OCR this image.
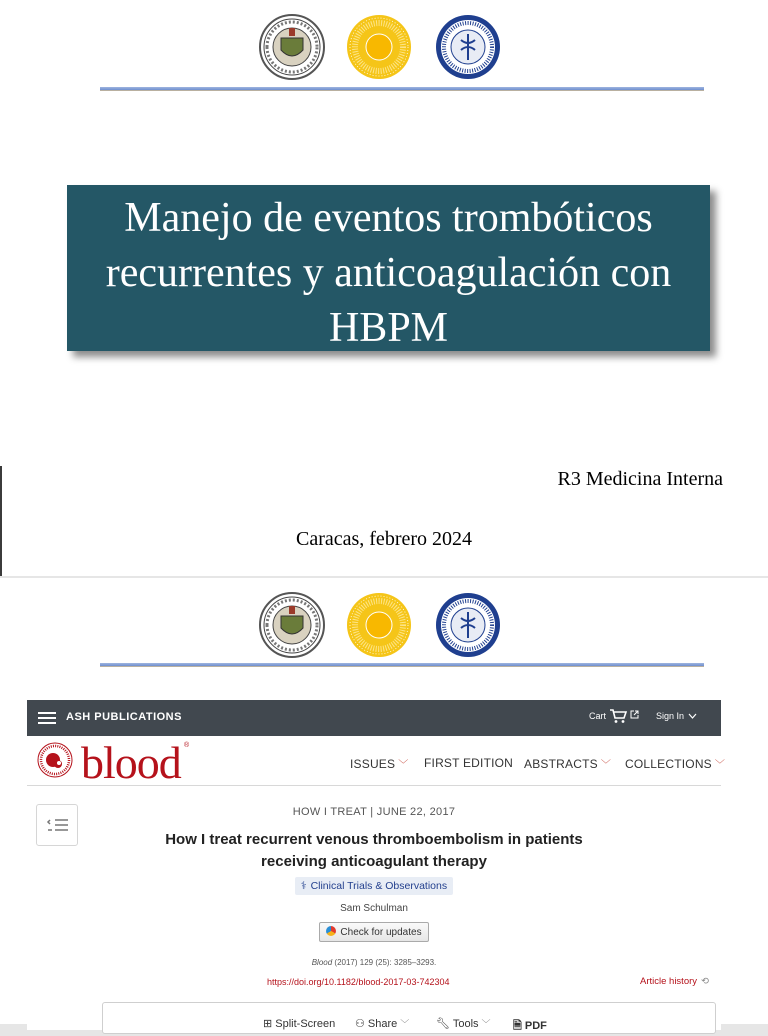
Manejo de eventos trombóticos recurrentes y anticoagulación con HBPM
R3 Medicina Interna
Caracas, febrero 2024
ASH PUBLICATIONS	Cart	Sign In
blood ®
ISSUES ﹀ FIRST EDITION ABSTRACTS ﹀ COLLECTIONS ﹀
HOW I TREAT | JUNE 22, 2017
How I treat recurrent venous thromboembolism in patients receiving anticoagulant therapy
⚕ Clinical Trials & Observations
Sam Schulman
Check for updates
Blood (2017) 129 (25): 3285–3293.
https://doi.org/10.1182/blood-2017-03-742304	Article history ⟲
⊞ Split-Screen ⚇ Share ﹀ 🔧︎ Tools ﹀ 🗎︎ PDF
